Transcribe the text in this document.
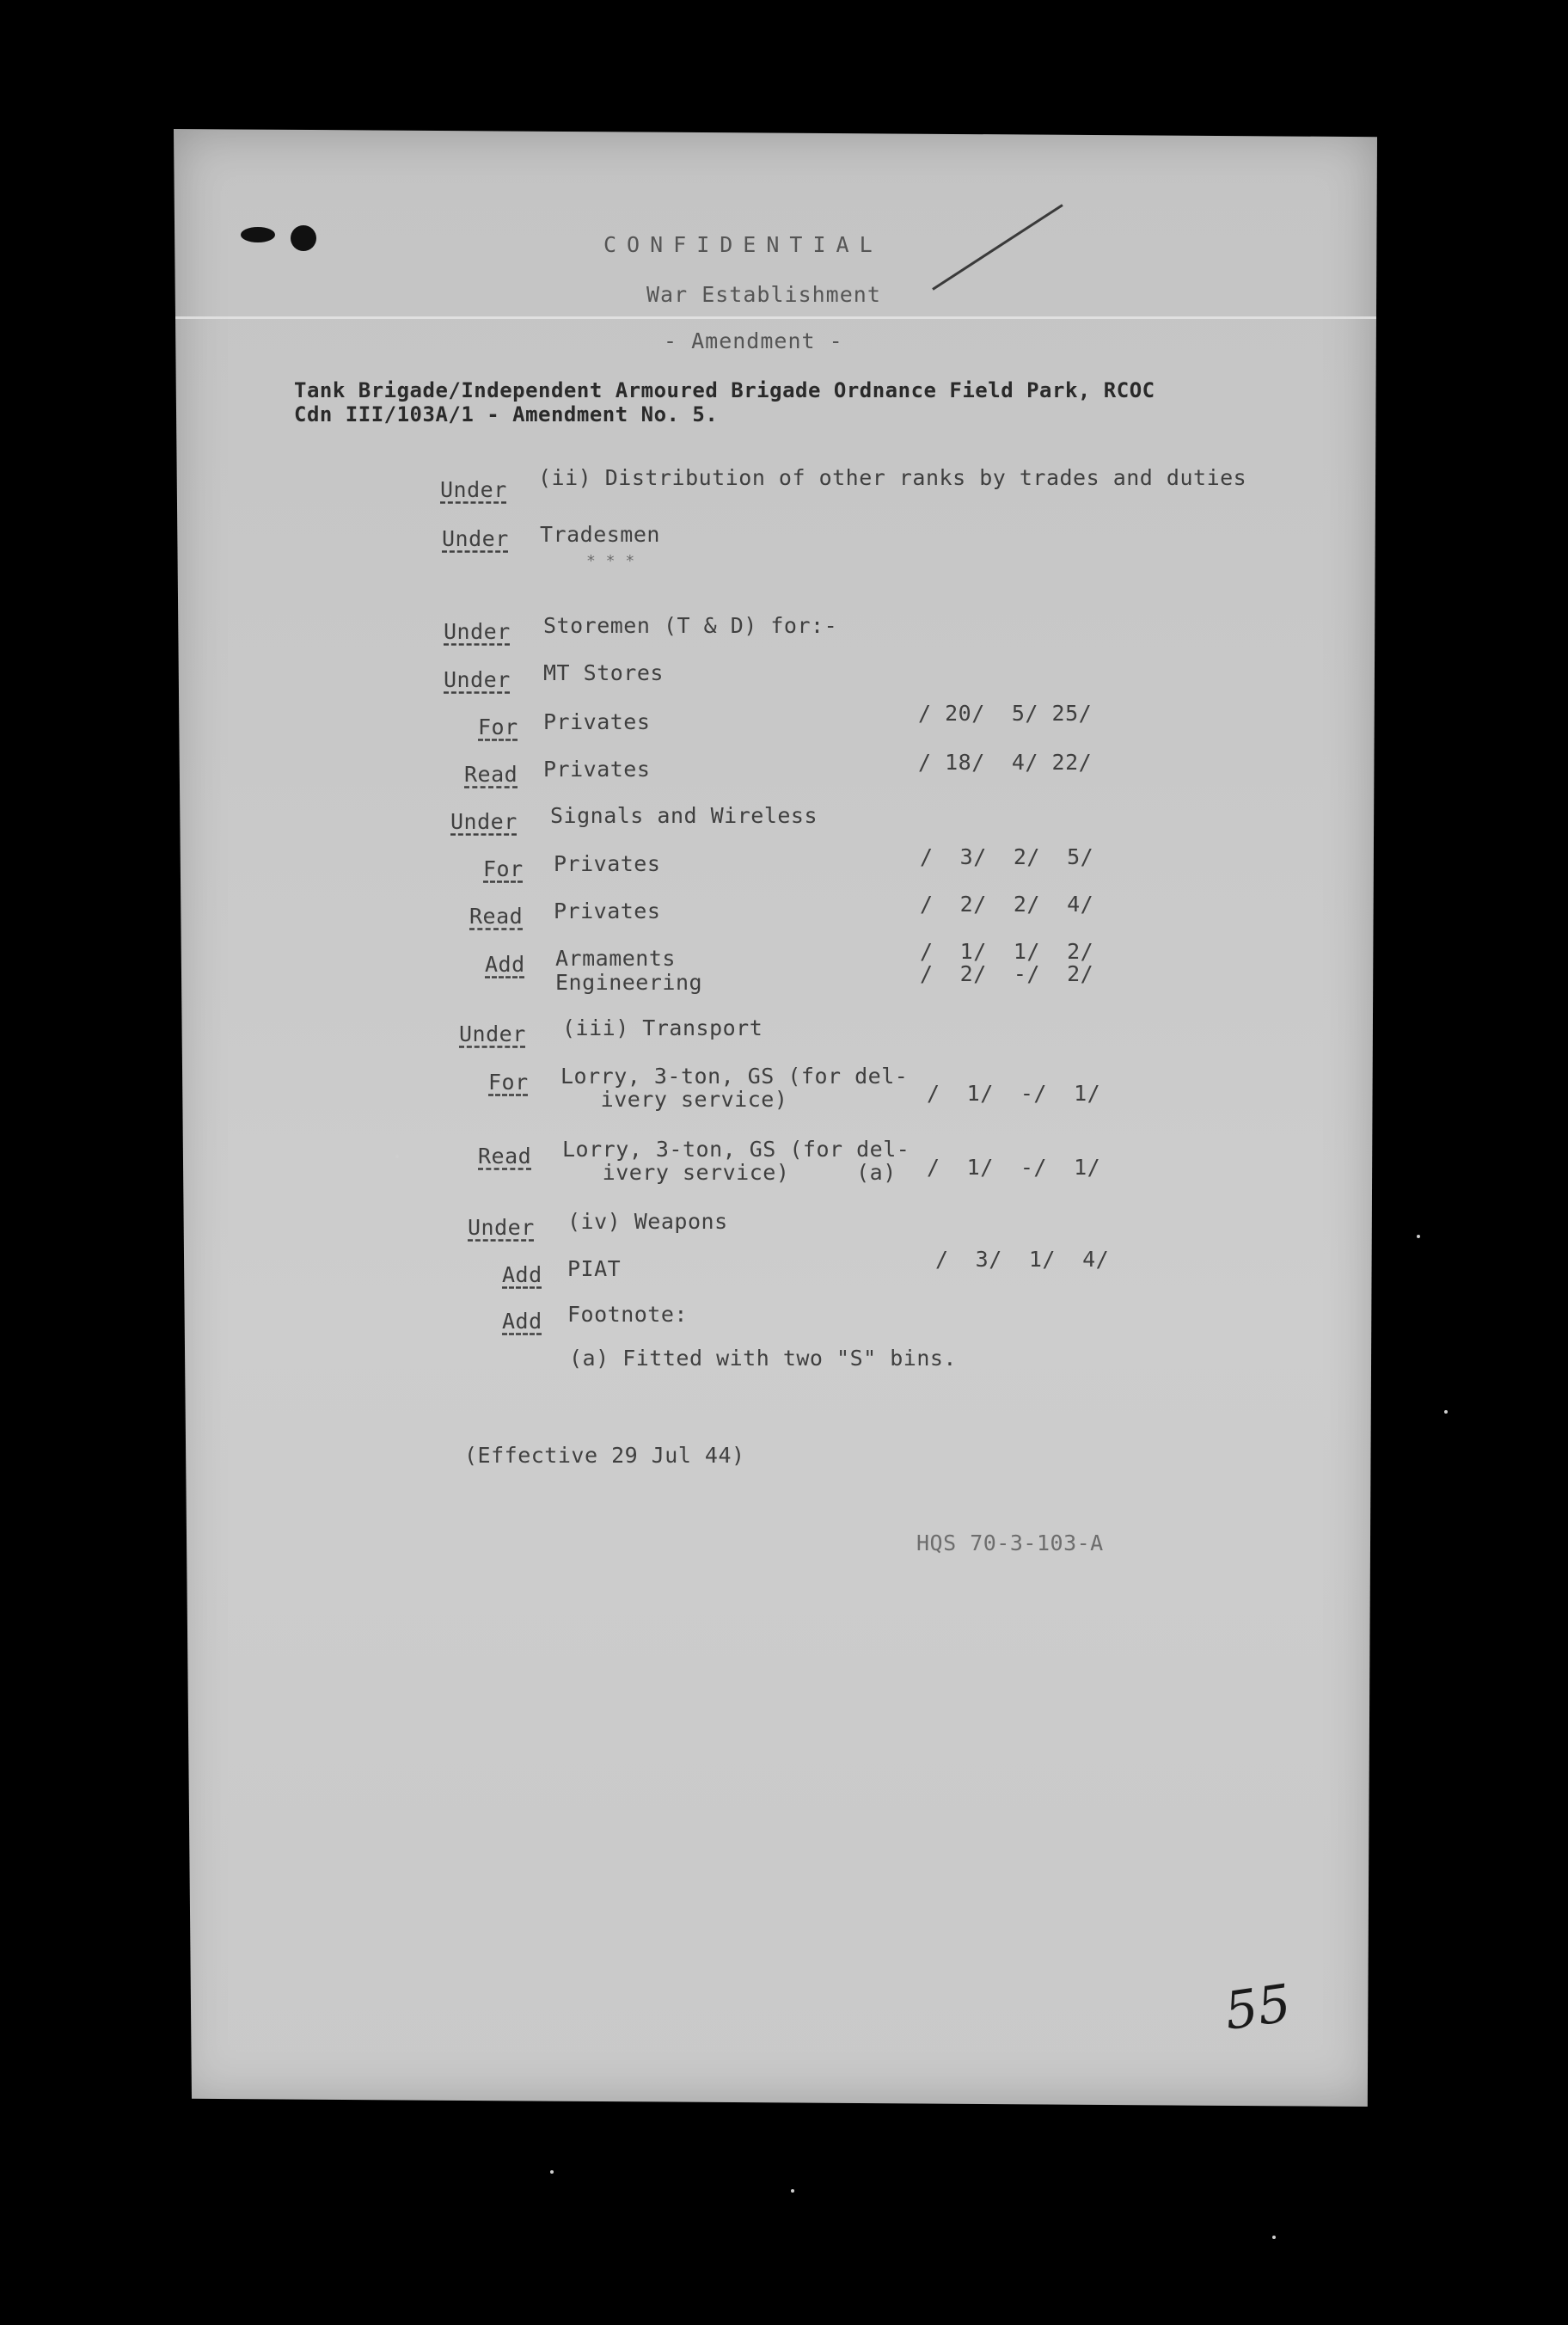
CONFIDENTIAL
War Establishment
- Amendment -
Tank Brigade/Independent Armoured Brigade Ordnance Field Park, RCOC
Cdn III/103A/1 - Amendment No. 5.
Under (ii) Distribution of other ranks by trades and duties
Under Tradesmen
* * *
Under Storemen (T & D) for:-
Under MT Stores
For Privates	/ 20/  5/ 25/
Read Privates	/ 18/  4/ 22/
Under Signals and Wireless
For Privates	/  3/  2/  5/
Read Privates	/  2/  2/  4/
Add Armaments	/  1/  1/  2/
Engineering	/  2/  -/  2/
Under (iii) Transport
For Lorry, 3-ton, GS (for del-
ivery service)	/  1/  -/  1/
Read Lorry, 3-ton, GS (for del-
ivery service)     (a) /  1/  -/  1/
Under (iv) Weapons
Add PIAT	/  3/  1/  4/
Add Footnote:
(a) Fitted with two "S" bins.
(Effective 29 Jul 44)
HQS 70-3-103-A
55
